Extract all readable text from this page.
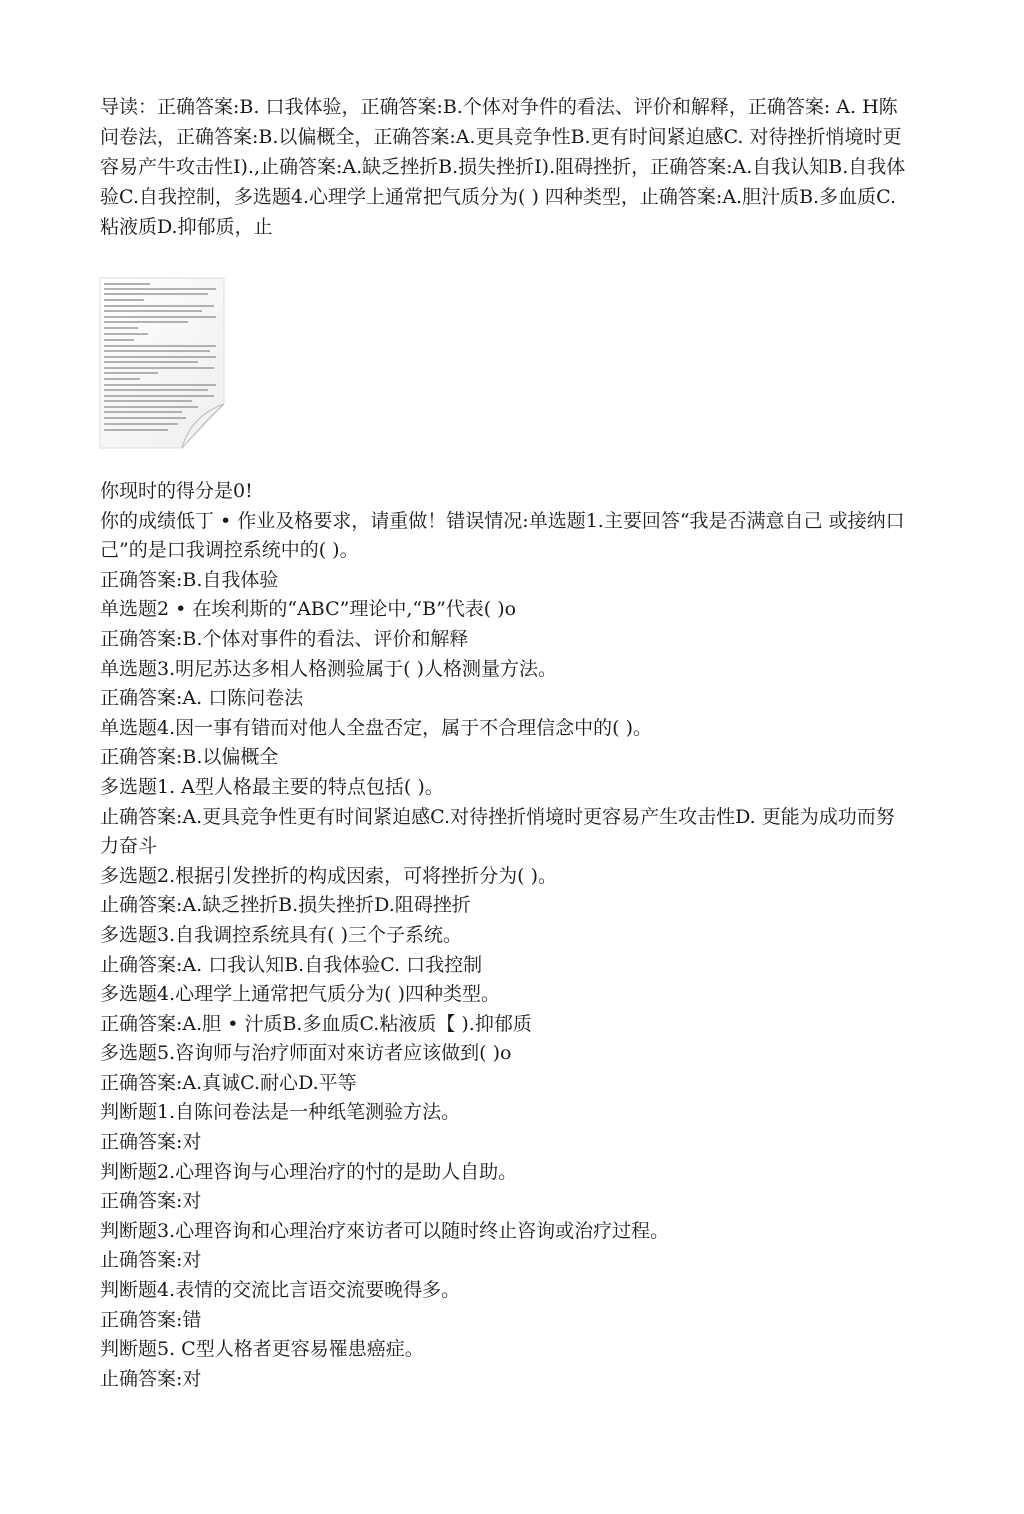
导读：正确答案:B. 口我体验，正确答案:B.个体对争件的看法、评价和解释，正确答案: A. H陈问卷法，正确答案:B.以偏概全，正确答案:A.更具竞争性B.更有时间紧迫感C. 对待挫折悄境时更容易产牛攻击性I).,止确答案:A.缺乏挫折B.损失挫折I).阻碍挫折，正确答案:A.自我认知B.自我体验C.自我控制，多选题4.心理学上通常把气质分为( ) 四种类型，止确答案:A.胆汁质B.多血质C.粘液质D.抑郁质，止

你现时的得分是0!
你的成绩低丁 • 作业及格要求，请重做！错误情况:单选题1.主要回答“我是否满意自己 或接纳口己”的是口我调控系统中的( )。
正确答案:B.自我体验
单选题2 • 在埃利斯的“ABC”理论中,“B”代表( )o
正确答案:B.个体对事件的看法、评价和解释
单选题3.明尼苏达多相人格测验属于( )人格测量方法。
正确答案:A. 口陈问卷法
单选题4.因一事有错而对他人全盘否定，属于不合理信念中的( )。
正确答案:B.以偏概全
多选题1. A型人格最主要的特点包括( )。
止确答案:A.更具竞争性更有时间紧迫感C.对待挫折悄境时更容易产生攻击性D. 更能为成功而努力奋斗
多选题2.根据引发挫折的构成因索，可将挫折分为( )。
止确答案:A.缺乏挫折B.损失挫折D.阻碍挫折
多选题3.自我调控系统具有( )三个子系统。
止确答案:A. 口我认知B.自我体验C. 口我控制
多选题4.心理学上通常把气质分为( )四种类型。
正确答案:A.胆 • 汁质B.多血质C.粘液质【 ).抑郁质
多选题5.咨询师与治疗师面对來访者应该做到( )o
正确答案:A.真诚C.耐心D.平等
判断题1.自陈问卷法是一种纸笔测验方法。
正确答案:对
判断题2.心理咨询与心理治疗的忖的是助人自助。
正确答案:对
判断题3.心理咨询和心理治疗來访者可以随时终止咨询或治疗过程。
止确答案:对
判断题4.表情的交流比言语交流要晚得多。
正确答案:错
判断题5. C型人格者更容易罹患癌症。
止确答案:对
